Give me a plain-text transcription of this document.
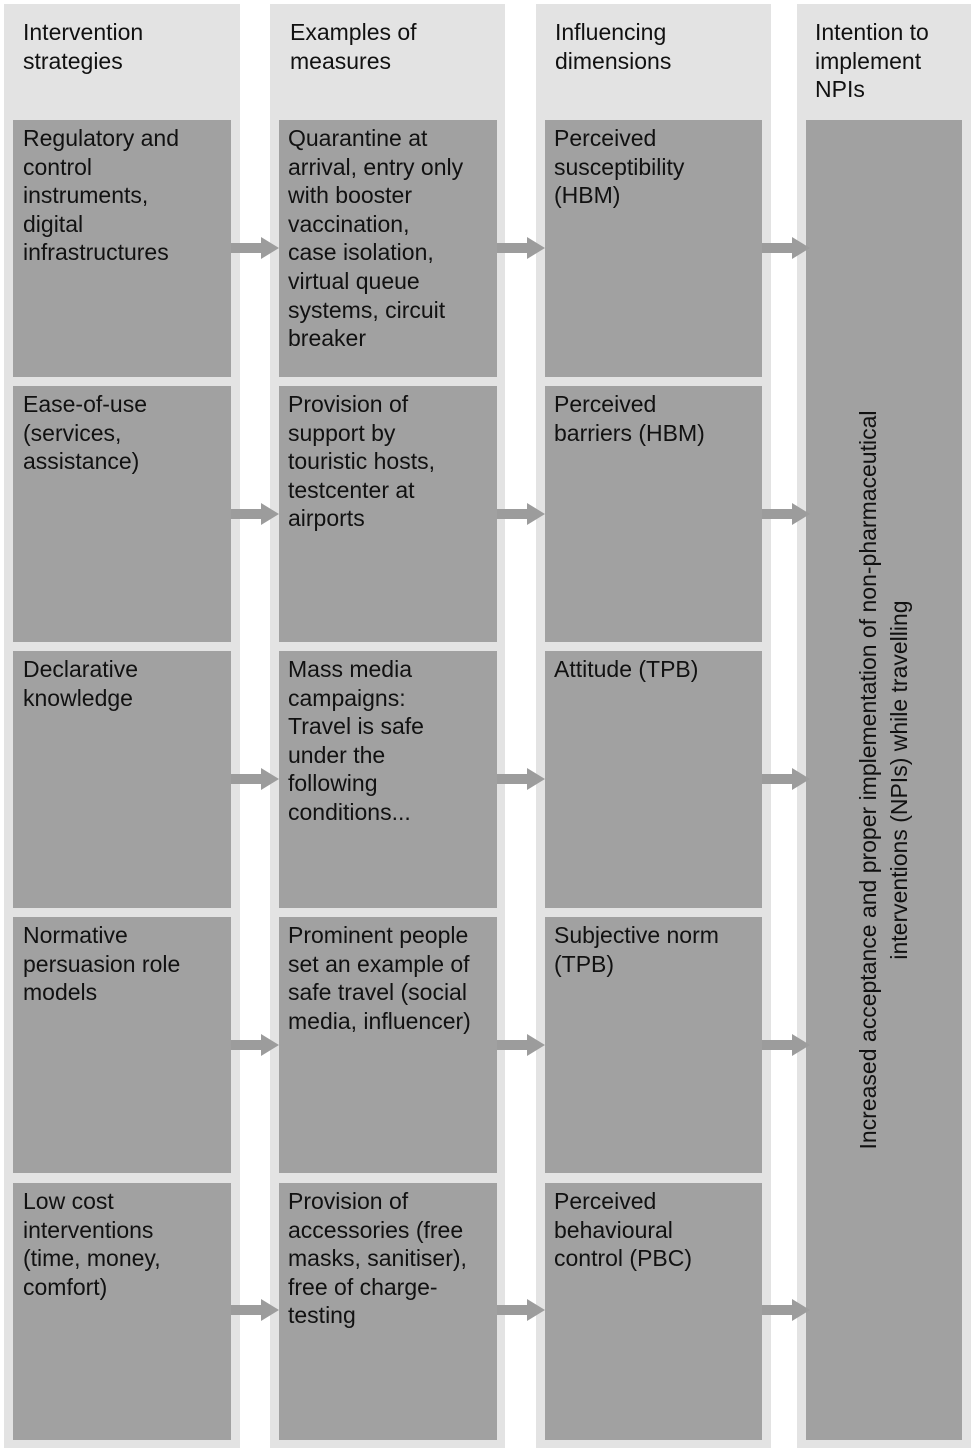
Intervention
strategies
Examples of
measures
Influencing
dimensions
Intention to
implement
NPIs
Regulatory and
control
instruments,
digital
infrastructures
Quarantine at
arrival, entry only
with booster
vaccination,
case isolation,
virtual queue
systems, circuit
breaker
Perceived
susceptibility
(HBM)
Ease-of-use
(services,
assistance)
Provision of
support by
touristic hosts,
testcenter at
airports
Perceived
barriers (HBM)
Declarative
knowledge
Mass media
campaigns:
Travel is safe
under the
following
conditions...
Attitude (TPB)
Normative
persuasion role
models
Prominent people
set an example of
safe travel (social
media, influencer)
Subjective norm
(TPB)
Low cost
interventions
(time, money,
comfort)
Provision of accessories (free masks, sanitiser), free of charge-testing
Perceived
behavioural
control (PBC)
Increased acceptance and proper implementation of non-pharmaceutical interventions (NPIs) while travelling
